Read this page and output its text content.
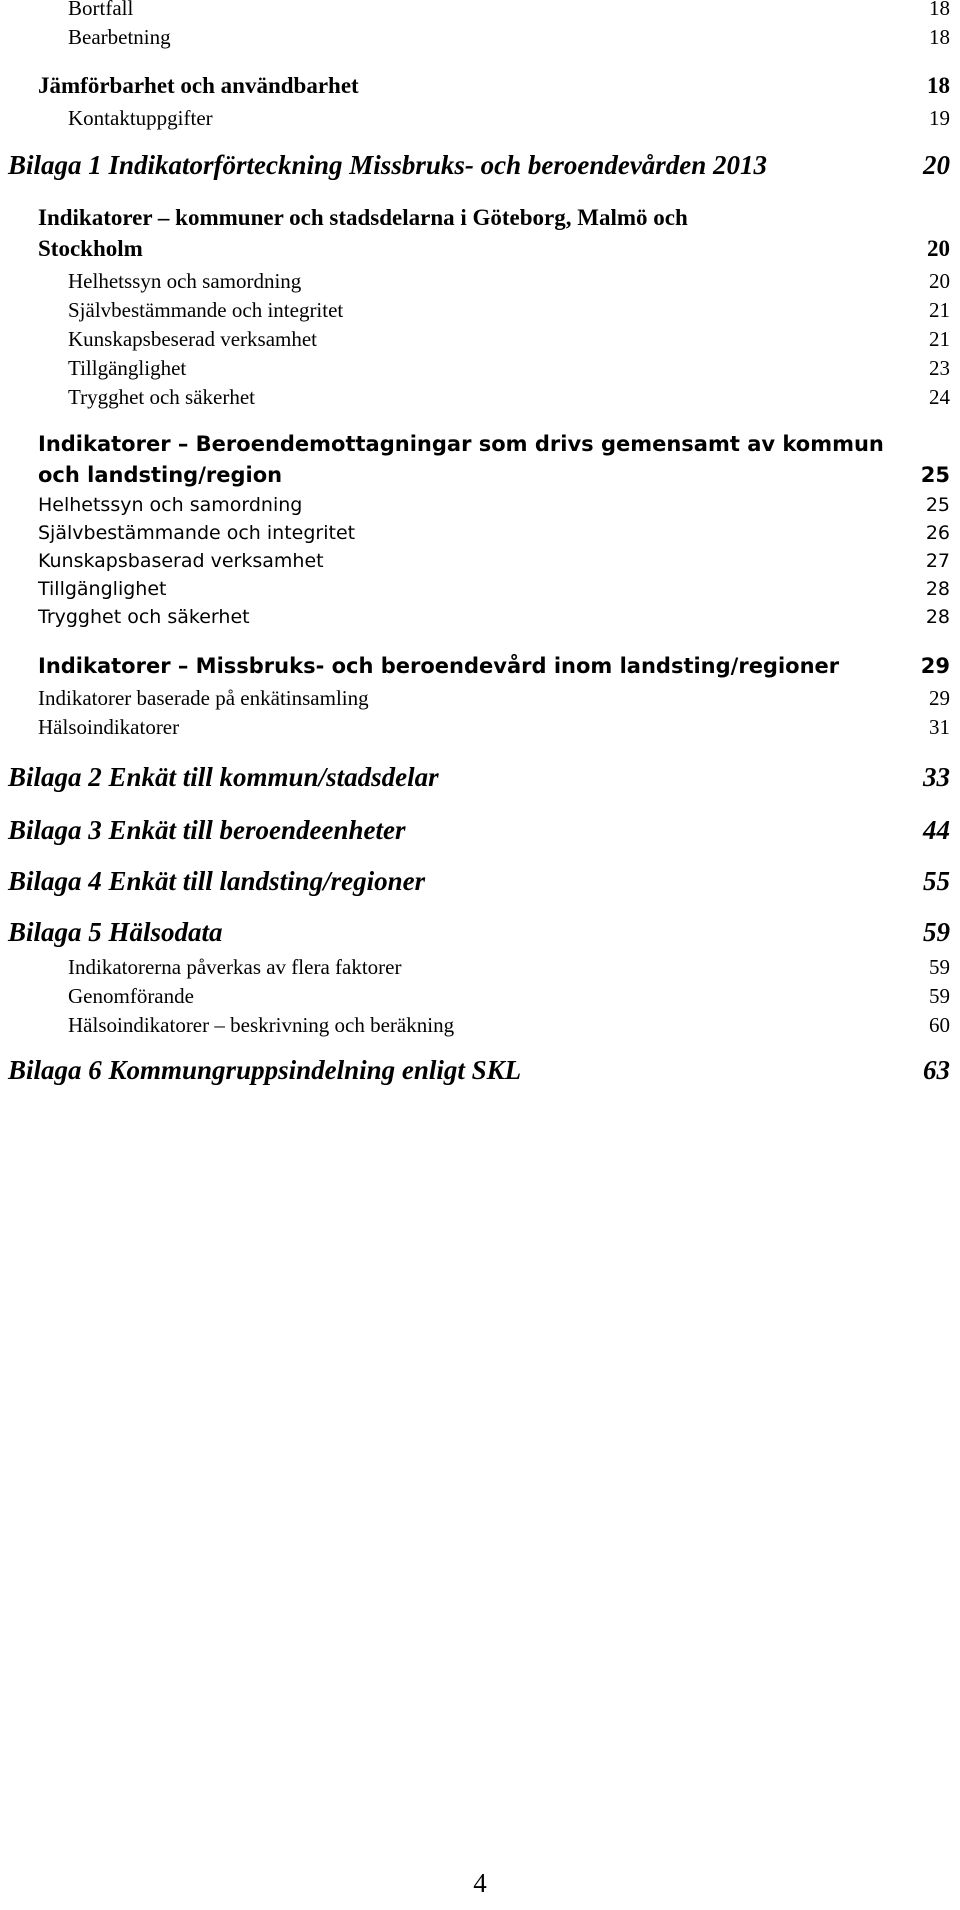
Bortfall	18
Bearbetning	18
Jämförbarhet och användbarhet	18
Kontaktuppgifter	19
Bilaga 1 Indikatorförteckning Missbruks- och beroendevården 2013	20
Indikatorer – kommuner och stadsdelarna i Göteborg, Malmö och
Stockholm	20
Helhetssyn och samordning	20
Självbestämmande och integritet	21
Kunskapsbeserad verksamhet	21
Tillgänglighet	23
Trygghet och säkerhet	24
Indikatorer – Beroendemottagningar som drivs gemensamt av kommun
och landsting/region	25
Helhetssyn och samordning	25
Självbestämmande och integritet	26
Kunskapsbaserad verksamhet	27
Tillgänglighet	28
Trygghet och säkerhet	28
Indikatorer – Missbruks- och beroendevård inom landsting/regioner	29
Indikatorer baserade på enkätinsamling	29
Hälsoindikatorer	31
Bilaga 2 Enkät till kommun/stadsdelar	33
Bilaga 3 Enkät till beroendeenheter	44
Bilaga 4 Enkät till landsting/regioner	55
Bilaga 5 Hälsodata	59
Indikatorerna påverkas av flera faktorer	59
Genomförande	59
Hälsoindikatorer – beskrivning och beräkning	60
Bilaga 6 Kommungruppsindelning enligt SKL	63
4
